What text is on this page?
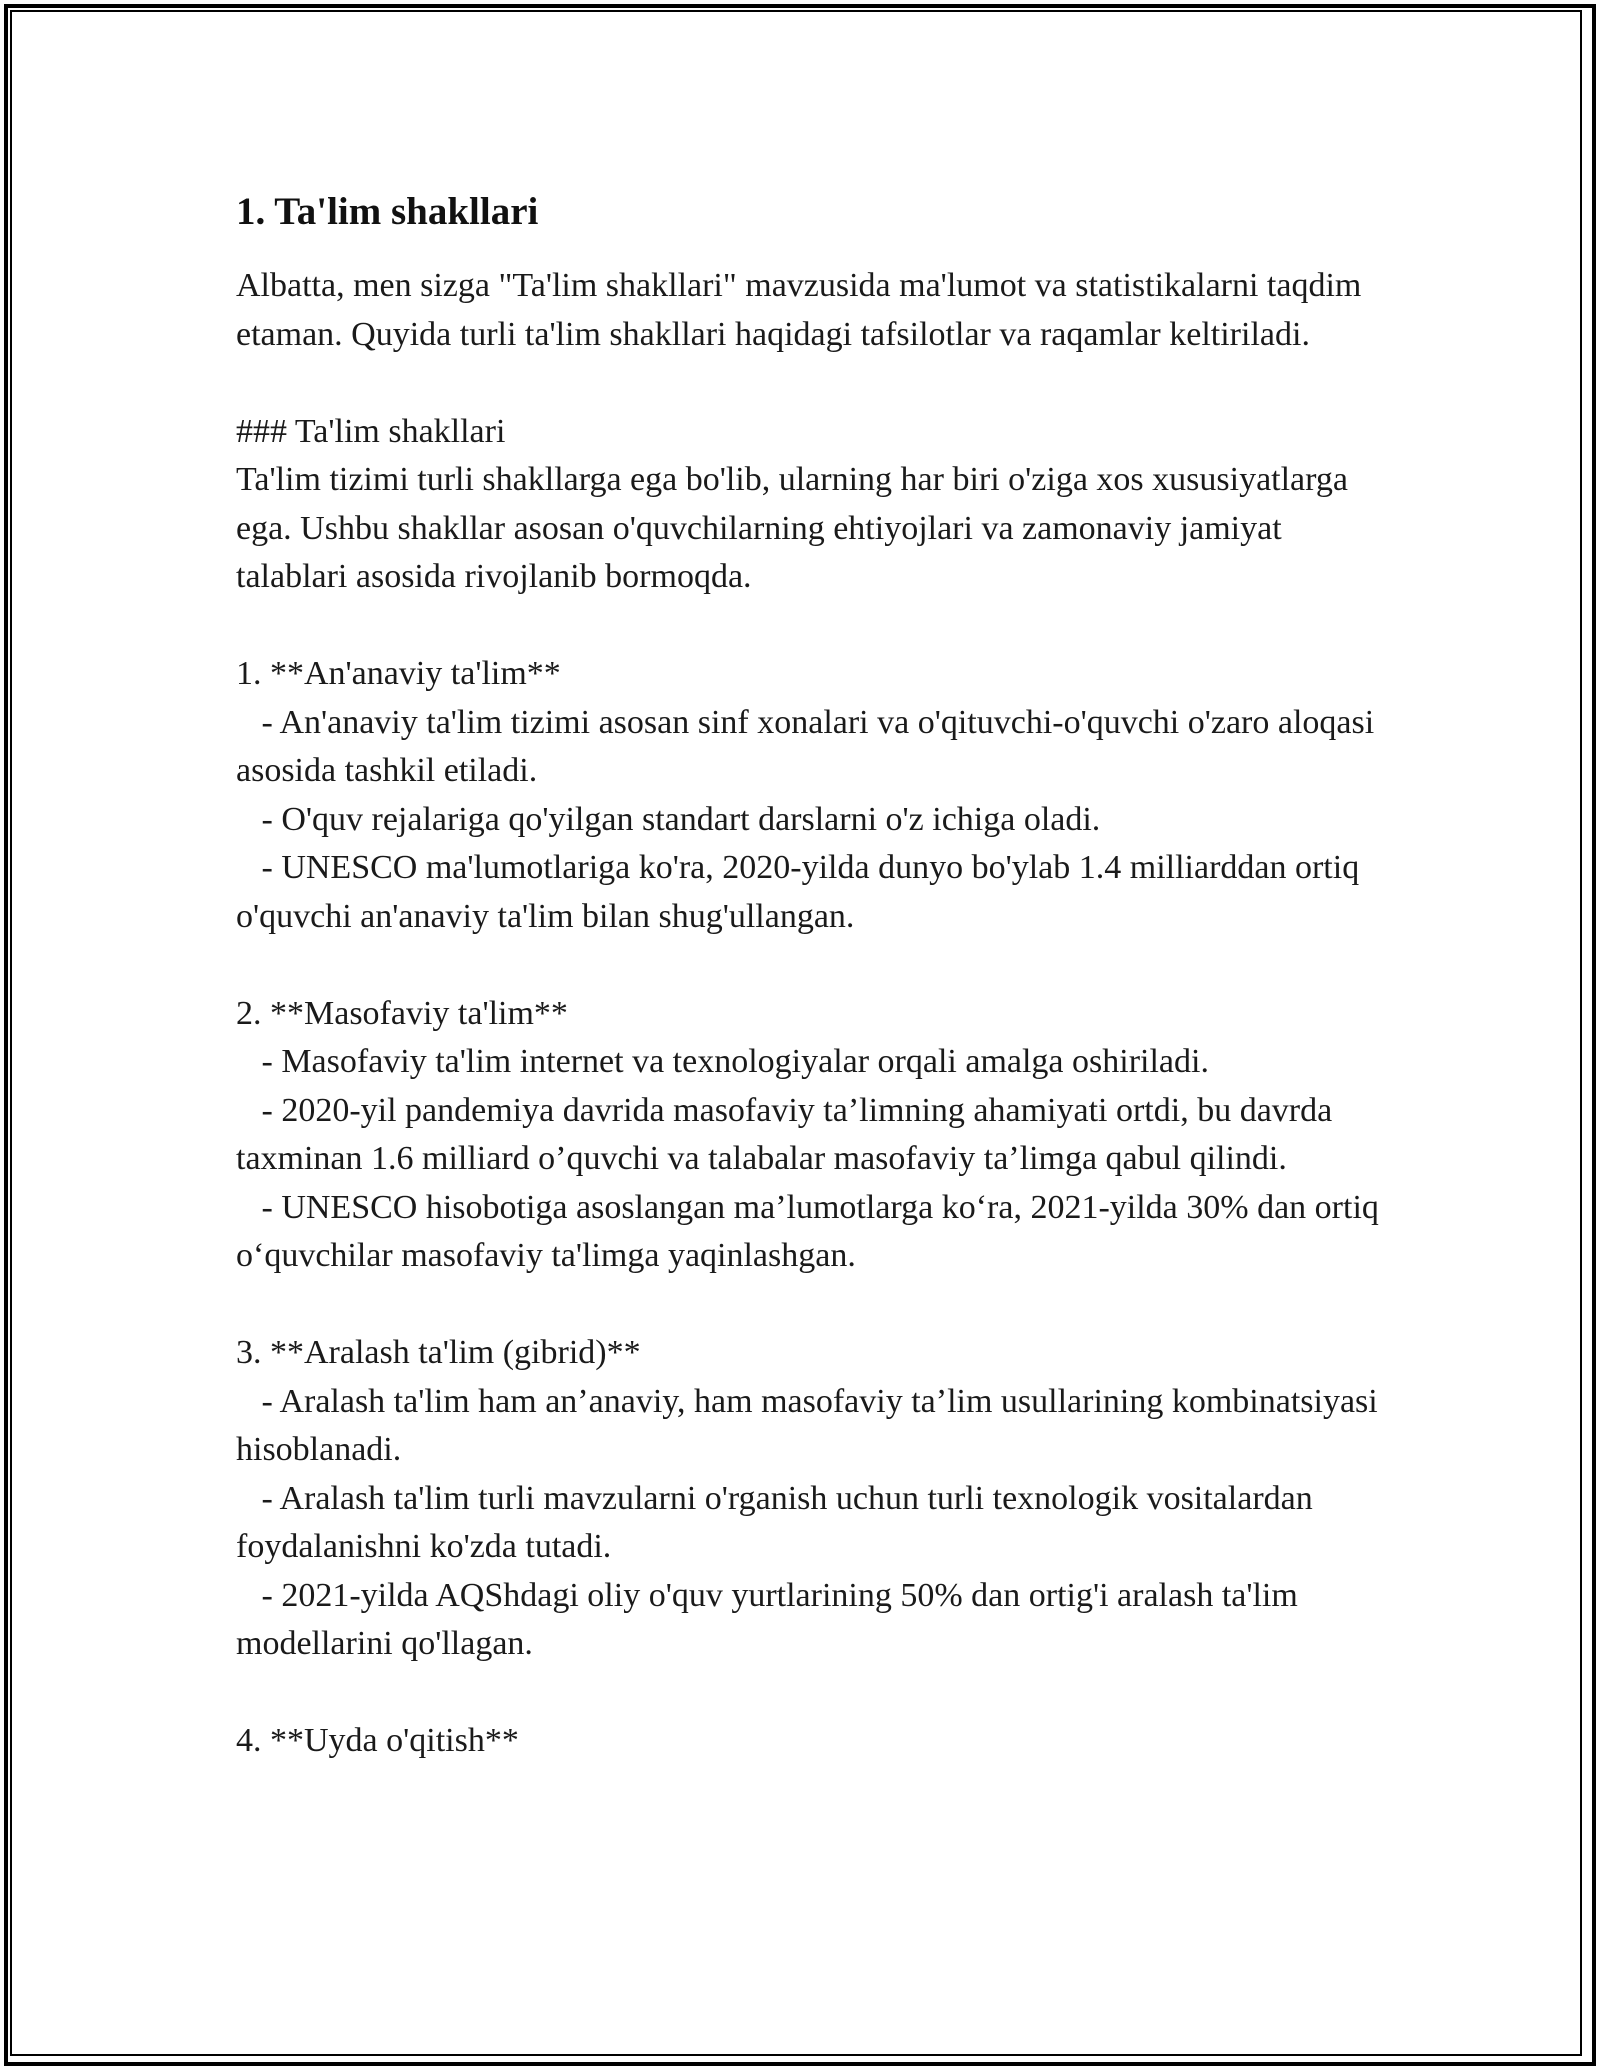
1. Ta'lim shakllari

Albatta, men sizga "Ta'lim shakllari" mavzusida ma'lumot va statistikalarni taqdim etaman. Quyida turli ta'lim shakllari haqidagi tafsilotlar va raqamlar keltiriladi.

### Ta'lim shakllari
Ta'lim tizimi turli shakllarga ega bo'lib, ularning har biri o'ziga xos xususiyatlarga ega. Ushbu shakllar asosan o'quvchilarning ehtiyojlari va zamonaviy jamiyat talablari asosida rivojlanib bormoqda.

1. **An'anaviy ta'lim**
- An'anaviy ta'lim tizimi asosan sinf xonalari va o'qituvchi-o'quvchi o'zaro aloqasi asosida tashkil etiladi.
- O'quv rejalariga qo'yilgan standart darslarni o'z ichiga oladi.
- UNESCO ma'lumotlariga ko'ra, 2020-yilda dunyo bo'ylab 1.4 milliarddan ortiq o'quvchi an'anaviy ta'lim bilan shug'ullangan.

2. **Masofaviy ta'lim**
- Masofaviy ta'lim internet va texnologiyalar orqali amalga oshiriladi.
- 2020-yil pandemiya davrida masofaviy ta’limning ahamiyati ortdi, bu davrda taxminan 1.6 milliard o’quvchi va talabalar masofaviy ta’limga qabul qilindi.
- UNESCO hisobotiga asoslangan ma’lumotlarga ko‘ra, 2021-yilda 30% dan ortiq o‘quvchilar masofaviy ta'limga yaqinlashgan.

3. **Aralash ta'lim (gibrid)**
- Aralash ta'lim ham an’anaviy, ham masofaviy ta’lim usullarining kombinatsiyasi hisoblanadi.
- Aralash ta'lim turli mavzularni o'rganish uchun turli texnologik vositalardan foydalanishni ko'zda tutadi.
- 2021-yilda AQShdagi oliy o'quv yurtlarining 50% dan ortig'i aralash ta'lim modellarini qo'llagan.

4. **Uyda o'qitish**
